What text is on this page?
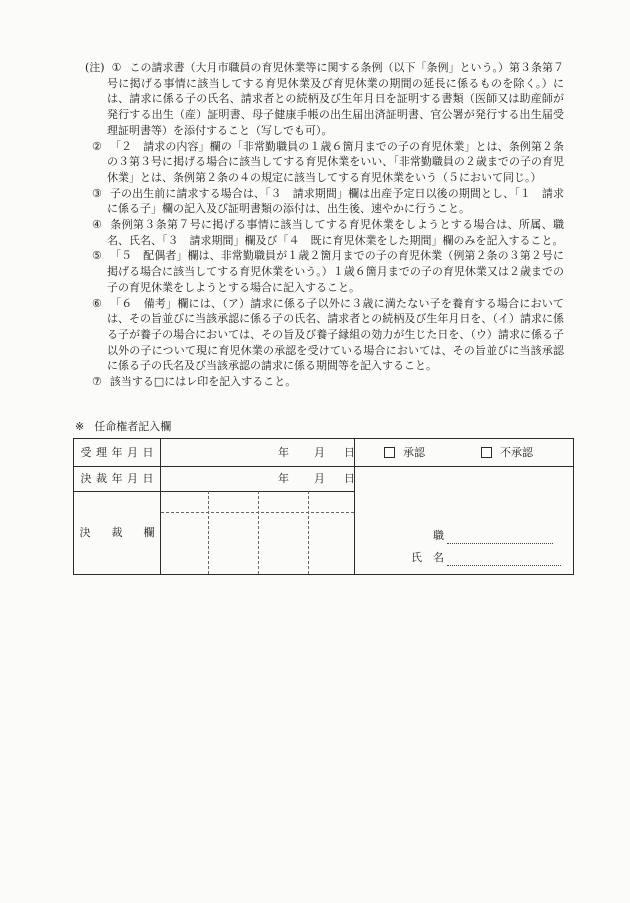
(注) ① この請求書（大月市職員の育児休業等に関する条例（以下「条例」という。）第３条第７号に掲げる事情に該当してする育児休業及び育児休業の期間の延長に係るものを除く。）には、請求に係る子の氏名、請求者との続柄及び生年月日を証明する書類（医師又は助産師が発行する出生（産）証明書、母子健康手帳の出生届出済証明書、官公署が発行する出生届受理証明書等）を添付すること（写しでも可）。

② 「２　請求の内容」欄の「非常勤職員の１歳６箇月までの子の育児休業」とは、条例第２条の３第３号に掲げる場合に該当してする育児休業をいい、「非常勤職員の２歳までの子の育児休業」とは、条例第２条の４の規定に該当してする育児休業をいう（５において同じ。）

③ 子の出生前に請求する場合は、「３　請求期間」欄は出産予定日以後の期間とし、「１　請求に係る子」欄の記入及び証明書類の添付は、出生後、速やかに行うこと。

④ 条例第３条第７号に掲げる事情に該当してする育児休業をしようとする場合は、所属、職名、氏名、「３　請求期間」欄及び「４　既に育児休業をした期間」欄のみを記入すること。

⑤ 「５　配偶者」欄は、非常勤職員が１歳２箇月までの子の育児休業（例第２条の３第２号に掲げる場合に該当してする育児休業をいう。）１歳６箇月までの子の育児休業又は２歳までの子の育児休業をしようとする場合に記入すること。

⑥ 「６　備考」欄には、（ア）請求に係る子以外に３歳に満たない子を養育する場合においては、その旨並びに当該承認に係る子の氏名、請求者との続柄及び生年月日を、（イ）請求に係る子が養子の場合においては、その旨及び養子縁組の効力が生じた日を、（ウ）請求に係る子以外の子について現に育児休業の承認を受けている場合においては、その旨並びに当該承認に係る子の氏名及び当該承認の請求に係る期間等を記入すること。

⑦ 該当する□にはレ印を記入すること。

※ 任命権者記入欄
受理年月日
決裁年月日
決裁欄
年 月 日
年 月 日
承認	不承認
職
氏　名
